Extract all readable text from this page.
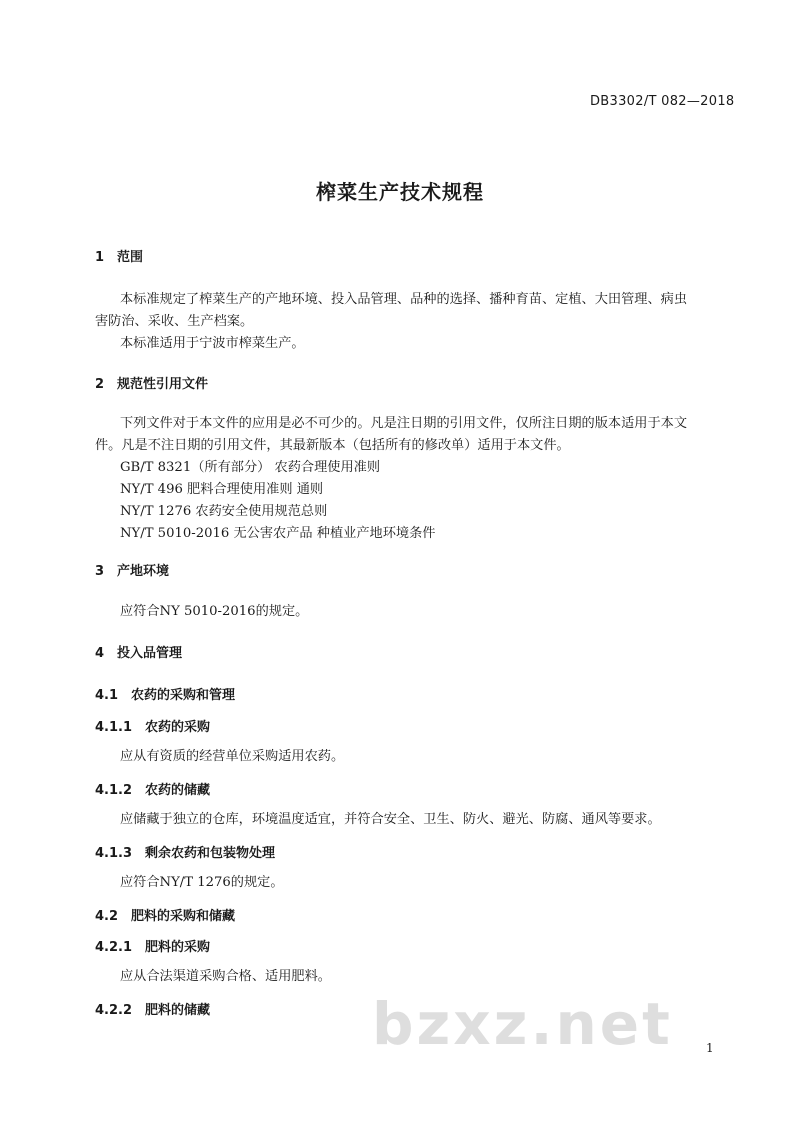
DB3302/T 082—2018
榨菜生产技术规程
1 范围
本标准规定了榨菜生产的产地环境、投入品管理、品种的选择、播种育苗、定植、大田管理、病虫
害防治、采收、生产档案。
本标准适用于宁波市榨菜生产。
2 规范性引用文件
下列文件对于本文件的应用是必不可少的。凡是注日期的引用文件，仅所注日期的版本适用于本文
件。凡是不注日期的引用文件，其最新版本（包括所有的修改单）适用于本文件。
GB/T 8321（所有部分） 农药合理使用准则
NY/T 496 肥料合理使用准则 通则
NY/T 1276 农药安全使用规范总则
NY/T 5010-2016 无公害农产品 种植业产地环境条件
3 产地环境
应符合NY 5010-2016的规定。
4 投入品管理
4.1 农药的采购和管理
4.1.1 农药的采购
应从有资质的经营单位采购适用农药。
4.1.2 农药的储藏
应储藏于独立的仓库，环境温度适宜，并符合安全、卫生、防火、避光、防腐、通风等要求。
4.1.3 剩余农药和包装物处理
应符合NY/T 1276的规定。
4.2 肥料的采购和储藏
4.2.1 肥料的采购
应从合法渠道采购合格、适用肥料。
4.2.2 肥料的储藏	bzxz.net	1
